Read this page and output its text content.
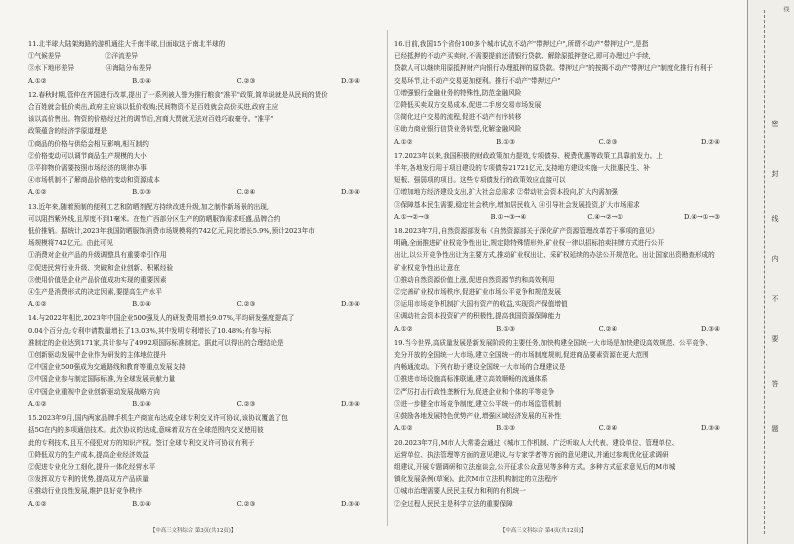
11.北半球大陆架海路的游机通往大千南半球,目面取这于南北半球的

①气候差异	②洋流差异

③水下地形差异	④海陆分布差异

A.①②	B.①④	C.②③	D.③④

12.春秋时期,管仲在齐国进行改革,提出了一系列被人誉为推行粮食"准平"政策,简单说就是从民间的货价

合百姓就会低价卖出,政府主应该以低价收购;民间物资不足百姓就会高价买进,政府主应

该以高价售出。物资的价格经过社的调节后,宫商大贾就无法对百姓巧取豪夺。"准平"

政策蕴含的经济学原道理是

①商品的价格与供给会相互影响,相互制约

②价格变动可以调节商品生产规模的大小

③平抑物价需要按照市场经济的规律办事

④市场机制不了解商品价格的变动和资源成本

A.①②	B.①③	C.②④	D.③④

13.近年来,随着预制的便利工艺和防晒剂配方持续改进升级,加之制作新场景的出现,

可以阻挡紫外线,且厚度不到1毫米。在性广西部分区生产的防晒服饰需求旺盛,品牌合约

低价推销。据统计,2023年我国防晒服饰消费市场规模将约742亿元,同比增长5.9%,预计2023年市

场规模将742亿元。由此可见

①消费对企业产品的升级调整具有重要牵引作用

②促进民营行业升级、突破和企业创新、积累经验

③使用价值是企业产品价值成功实现的重要因素

④生产是消费形式的决定因素,要提高生产水平

A.①②	B.①④	C.②③	D.③④

14.与2022年相比,2023年中国企业500强及人的研发费用增长9.07%,平均研发强度提高了

0.04个百分点;专利申请数量增长了13.03%,其中发明专利增长了10.48%;有参与标

准制定的企业达到171家,共计参与了4992项国际标准制定。据此可以得出的合理结论是

①创新驱动发展中企业作为研发的主体地位提升

②中国企业500强成为交通路线和教育等重点发展支持

③中国企业参与制定国际标准,为全球发展贡献力量

④中国企业重视中企业创新驱动发展战略方向

A.①②	B.①④	C.②③	D.③④

15.2023年9月,国内两家品牌手机生产商宣布达成全球专利交叉许可协议,该协议覆盖了包

括5G在内的多项通信技术。此次协议的达成,意味着双方在全球范围内交叉使用彼

此的专利技术,且互不侵犯对方的知识产权。签订全球专利交叉许可协议有利于

①降低双方的生产成本,提高企业经济效益

②促进专业化分工细化,提升一体化经营水平

③发挥双方专利的优势,提高双方产品质量

④推动行业良性发展,维护良好竞争秩序

A.①②	B.①④	C.②③	D.③④

16.目前,我国15个省份100多个城市试点不动产"带押过户",所谓不动产"带押过户",是指

已经抵押的不动产买卖时,不需要提前还清银行贷款、解除原抵押登记,即可办理过户手续,

贷款人可以继续用原抵押财产向银行办理抵押的原贷款。带押过户"的按揭不动产"带押过户"制度化推行有利于

交易环节,让不动产交易更加便利。推行不动产"带押过户"

①增强银行金融业务的特殊性,防范金融风险

②降低买卖双方交易成本,促进二手房交易市场发展

③简化过户交易的流程,促进不动产有序转移

④助力商业银行信贷业务转型,化解金融风险

A.①②	B.①③	C.②③	D.②④

17.2023年以来,我国积极的财政政策加力提效,专项债券、税费优惠等政策工具靠前发力。上

半年,各地发行用于项目建设的专项债券21721亿元,支持地方建设实施一大批惠民生、补

短板、强弱项的项目。这些专项债发行的政策效应直接可以

①增加地方经济建设支出,扩大社会总需求 ②带动社会资本投向,扩大内需加强

③保障基本民生需要,稳定社会秩序,增加居民收入 ④引导社会发展投资,扩大市场需求

A.①→②→③	B.①→③→④	C.④→②→①	D.④→①→③

18.2023年7月,自然资源部发布《自然资源部关于深化矿产资源管理改革若干事项的意见》

明确,全面推进矿业权竞争性出让,规定除特殊情形外,矿业权一律以招标拍卖挂牌方式进行公开

出让,以公开竞争性出让为主要方式,推动矿业权出让、采矿权延续的办法公开规范化。出让国家出资勘查形成的

矿业权竞争性出让意在

①推动自然资源价值上涨,促进自然资源节约和高效利用

②完善矿业权市场秩序,促进矿业市场公平竞争和规范发展

③运用市场竞争机制扩大国有资产的收益,实现资产保值增值

④调动社会资本投资矿产的积极性,提高我国资源保障能力

A.①②	B.①③	C.②④	D.③④

19.当今世界,高质量发展是新发展阶段的主要任务,加快构建全国统一大市场是加快建设高效规范、公平竞争、

充分开放的全国统一大市场,建立全国统一的市场制度规则,促进商品要素资源在更大范围

内畅通流动。下列有助于建设全国统一大市场的合理建议是

①推进市场设施高标准联通,建立高效顺畅的流通体系

②严厉打击行政性垄断行为,促进企业和个体的平等竞争

③进一步健全市场竞争制度,建立公平统一的市场监管机制

④鼓励各地发展特色优势产业,增强区域经济发展的互补性

A.①②	B.①③	C.②④	D.③④

20.2023年7月,M市人大常委会通过《城市工作机制、广泛听取人大代表、建设单位、管理单位、

运营单位、执法管理等方面的意见建议,与专家学者等方面的意见建议,并通过参观优化征求调研

组建议,开展专题调研和立法座谈会,公开征求公众意见等多种方式。多种方式征求意见后的M市城

镇化发展条例(草案)。此次M市立法机构制定的立法程序

①城市治理需要人民民主权力和利的有机统一

②全过程人民民主是科学立法的重要保障

【中高三文科综合 第3页(共12页)】	【中高三文科综合 第4页(共12页)】
线
密
封
线
内
不
要
答
题
